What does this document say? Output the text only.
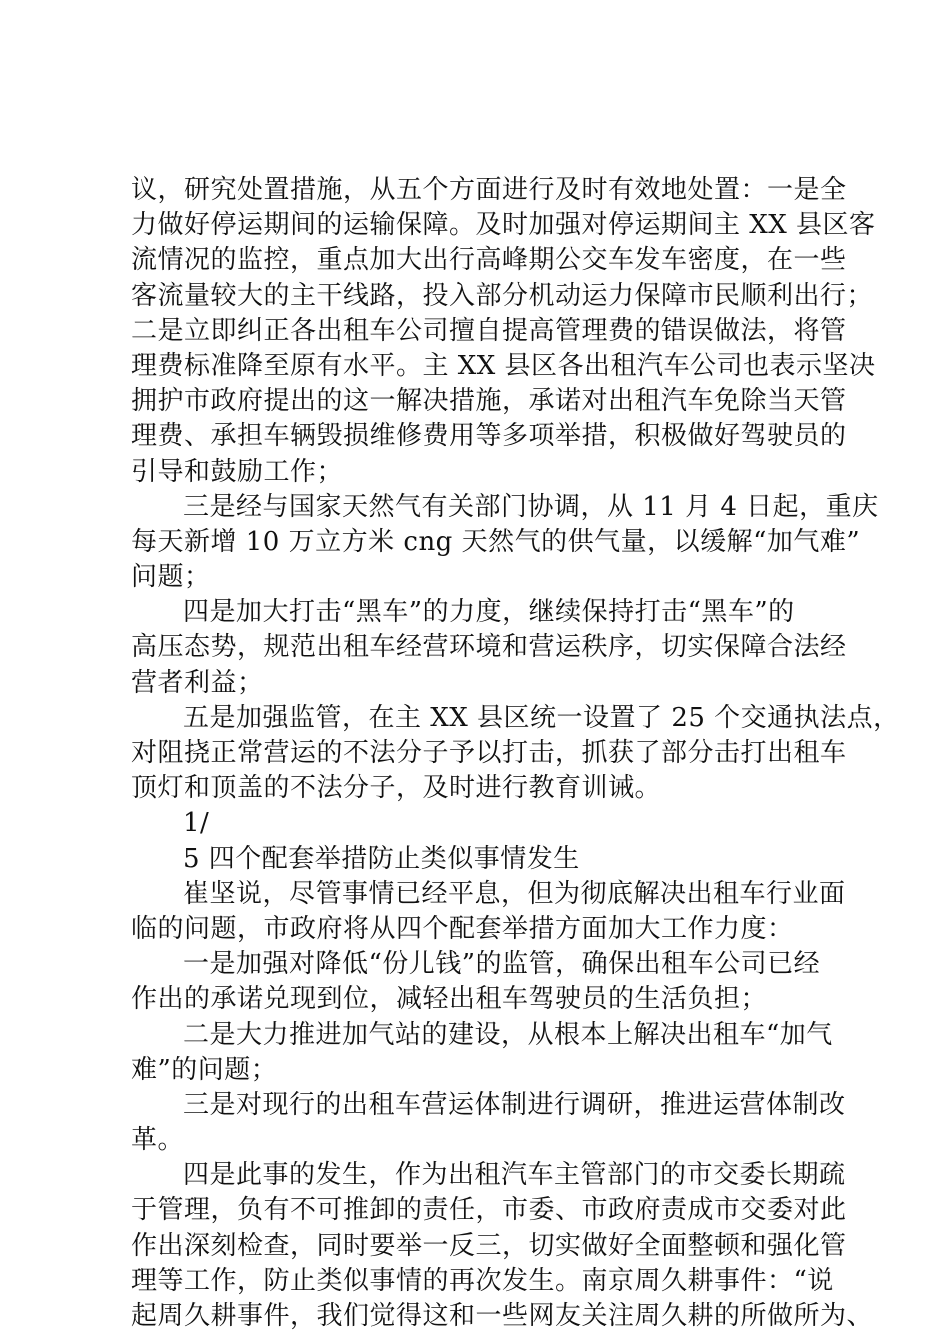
议，研究处置措施，从五个方面进行及时有效地处置：一是全
力做好停运期间的运输保障。及时加强对停运期间主 XX 县区客
流情况的监控，重点加大出行高峰期公交车发车密度，在一些
客流量较大的主干线路，投入部分机动运力保障市民顺利出行；
二是立即纠正各出租车公司擅自提高管理费的错误做法，将管
理费标准降至原有水平。主 XX 县区各出租汽车公司也表示坚决
拥护市政府提出的这一解决措施，承诺对出租汽车免除当天管
理费、承担车辆毁损维修费用等多项举措，积极做好驾驶员的
引导和鼓励工作；
三是经与国家天然气有关部门协调，从 11 月 4 日起，重庆
每天新增 10 万立方米 cng 天然气的供气量，以缓解“加气难”
问题；
四是加大打击“黑车”的力度，继续保持打击“黑车”的
高压态势，规范出租车经营环境和营运秩序，切实保障合法经
营者利益；
五是加强监管，在主 XX 县区统一设置了 25 个交通执法点，
对阻挠正常营运的不法分子予以打击，抓获了部分击打出租车
顶灯和顶盖的不法分子，及时进行教育训诫。
1/
5 四个配套举措防止类似事情发生
崔坚说，尽管事情已经平息，但为彻底解决出租车行业面
临的问题，市政府将从四个配套举措方面加大工作力度：
一是加强对降低“份儿钱”的监管，确保出租车公司已经
作出的承诺兑现到位，减轻出租车驾驶员的生活负担；
二是大力推进加气站的建设，从根本上解决出租车“加气
难”的问题；
三是对现行的出租车营运体制进行调研，推进运营体制改
革。
四是此事的发生，作为出租汽车主管部门的市交委长期疏
于管理，负有不可推卸的责任，市委、市政府责成市交委对此
作出深刻检查，同时要举一反三，切实做好全面整顿和强化管
理等工作，防止类似事情的再次发生。南京周久耕事件：“说
起周久耕事件，我们觉得这和一些网友关注周久耕的所做所为、
